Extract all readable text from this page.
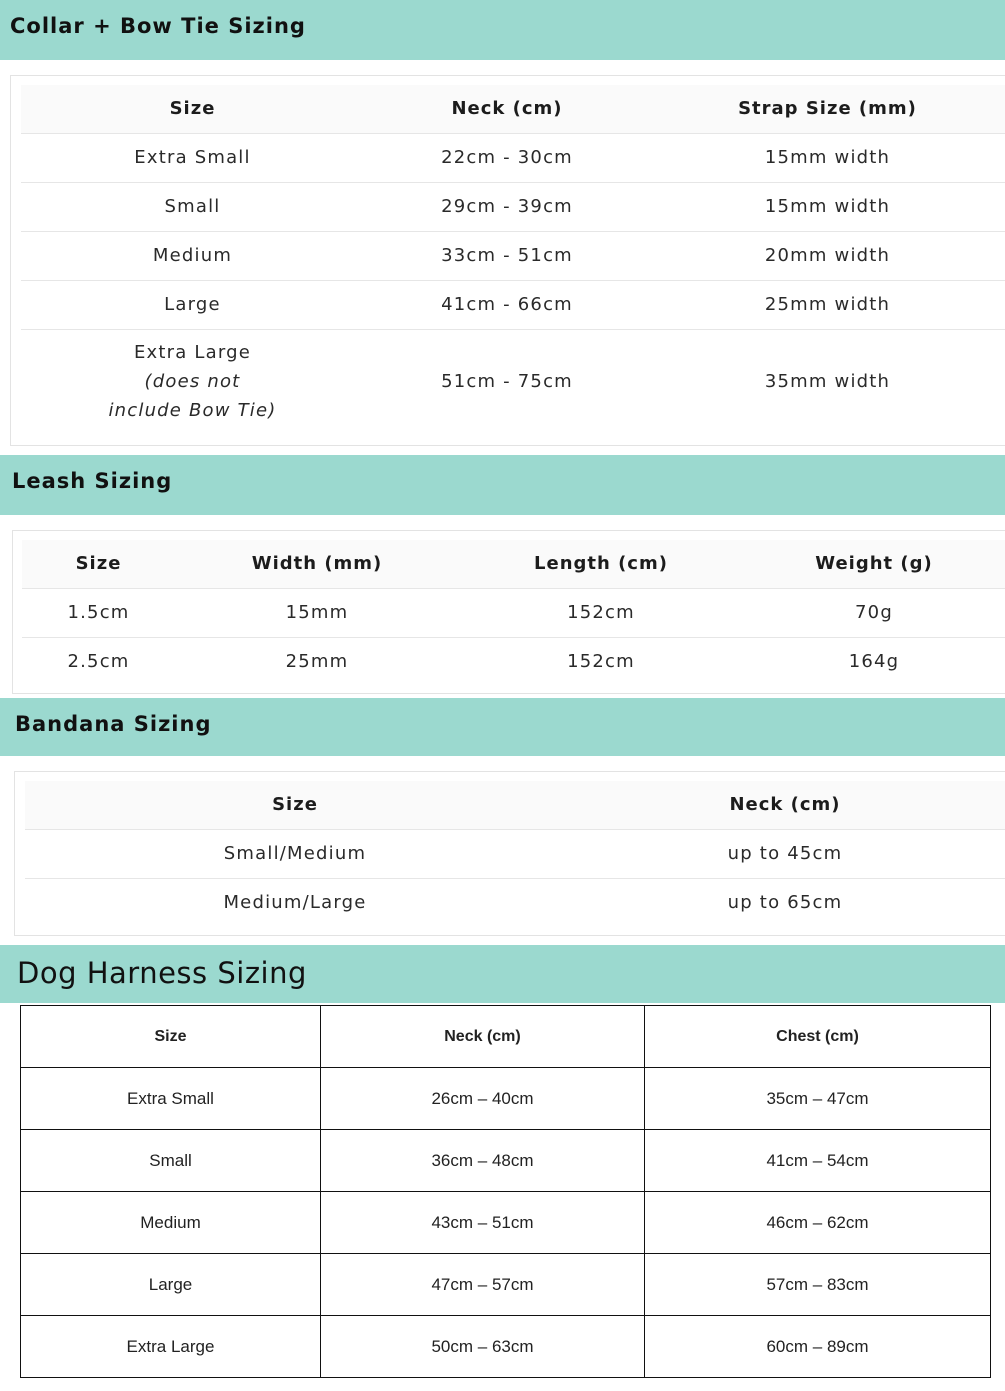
Collar + Bow Tie Sizing
Size	Neck (cm)	Strap Size (mm)
Extra Small	22cm - 30cm	15mm width
Small	29cm - 39cm	15mm width
Medium	33cm - 51cm	20mm width
Large	41cm - 66cm	25mm width

Extra Large
(does not
include Bow Tie)	51cm - 75cm	35mm width
Leash Sizing
Size	Width (mm)	Length (cm)	Weight (g)
1.5cm	15mm	152cm	70g
2.5cm	25mm	152cm	164g
Bandana Sizing
Size	Neck (cm)
Small/Medium	up to 45cm
Medium/Large	up to 65cm
Dog Harness Sizing
Size	Neck (cm)	Chest (cm)
Extra Small	26cm – 40cm	35cm – 47cm
Small	36cm – 48cm	41cm – 54cm
Medium	43cm – 51cm	46cm – 62cm
Large	47cm – 57cm	57cm – 83cm
Extra Large	50cm – 63cm	60cm – 89cm
